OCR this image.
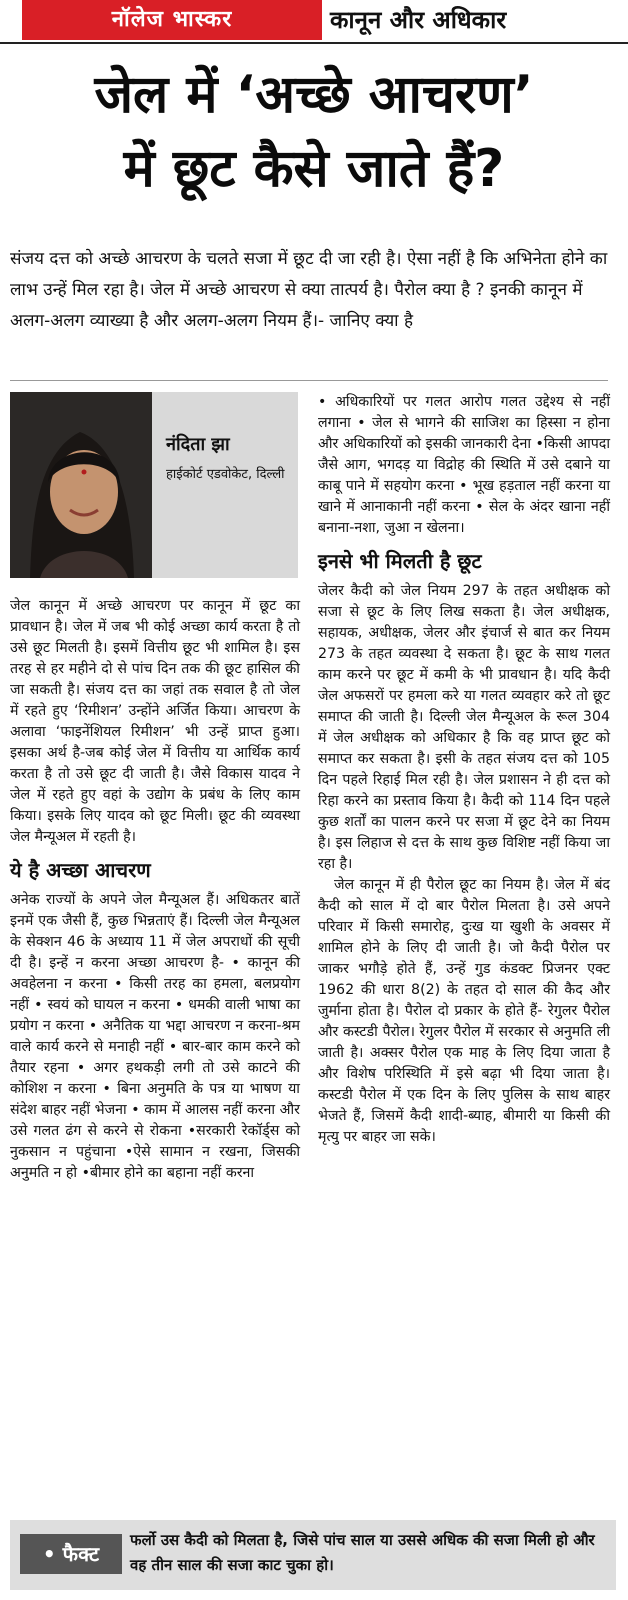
नॉलेज भास्कर	कानून और अधिकार
जेल में ‘अच्छे आचरण’
में छूट कैसे जाते हैं?
संजय दत्त को अच्छे आचरण के चलते सजा में छूट दी जा रही है। ऐसा नहीं है कि अभिनेता होने का लाभ उन्हें मिल रहा है। जेल में अच्छे आचरण से क्या तात्पर्य है। पैरोल क्या है ? इनकी कानून में अलग-अलग व्याख्या है और अलग-अलग नियम हैं।- जानिए क्या है
नंदिता झा
हाईकोर्ट एडवोकेट, दिल्ली

जेल कानून में अच्छे आचरण पर कानून में छूट का प्रावधान है। जेल में जब भी कोई अच्छा कार्य करता है तो उसे छूट मिलती है। इसमें वित्तीय छूट भी शामिल है। इस तरह से हर महीने दो से पांच दिन तक की छूट हासिल की जा सकती है। संजय दत्त का जहां तक सवाल है तो जेल में रहते हुए ‘रिमीशन’ उन्होंने अर्जित किया। आचरण के अलावा ‘फाइनेंशियल रिमीशन’ भी उन्हें प्राप्त हुआ। इसका अर्थ है-जब कोई जेल में वित्तीय या आर्थिक कार्य करता है तो उसे छूट दी जाती है। जैसे विकास यादव ने जेल में रहते हुए वहां के उद्योग के प्रबंध के लिए काम किया। इसके लिए यादव को छूट मिली। छूट की व्यवस्था जेल मैन्यूअल में रहती है।

ये है अच्छा आचरण

अनेक राज्यों के अपने जेल मैन्यूअल हैं। अधिकतर बातें इनमें एक जैसी हैं, कुछ भिन्नताएं हैं। दिल्ली जेल मैन्यूअल के सेक्शन 46 के अध्याय 11 में जेल अपराधों की सूची दी है। इन्हें न करना अच्छा आचरण है- • कानून की अवहेलना न करना • किसी तरह का हमला, बलप्रयोग नहीं • स्वयं को घायल न करना • धमकी वाली भाषा का प्रयोग न करना • अनैतिक या भद्दा आचरण न करना-श्रम वाले कार्य करने से मनाही नहीं • बार-बार काम करने को तैयार रहना • अगर हथकड़ी लगी तो उसे काटने की कोशिश न करना • बिना अनुमति के पत्र या भाषण या संदेश बाहर नहीं भेजना • काम में आलस नहीं करना और उसे गलत ढंग से करने से रोकना •सरकारी रेकॉर्ड्स को नुकसान न पहुंचाना •ऐसे सामान न रखना, जिसकी अनुमति न हो •बीमार होने का बहाना नहीं करना

• अधिकारियों पर गलत आरोप गलत उद्देश्य से नहीं लगाना • जेल से भागने की साजिश का हिस्सा न होना और अधिकारियों को इसकी जानकारी देना •किसी आपदा जैसे आग, भगदड़ या विद्रोह की स्थिति में उसे दबाने या काबू पाने में सहयोग करना • भूख हड़ताल नहीं करना या खाने में आनाकानी नहीं करना • सेल के अंदर खाना नहीं बनाना-नशा, जुआ न खेलना।

इनसे भी मिलती है छूट

जेलर कैदी को जेल नियम 297 के तहत अधीक्षक को सजा से छूट के लिए लिख सकता है। जेल अधीक्षक, सहायक, अधीक्षक, जेलर और इंचार्ज से बात कर नियम 273 के तहत व्यवस्था दे सकता है। छूट के साथ गलत काम करने पर छूट में कमी के भी प्रावधान है। यदि कैदी जेल अफसरों पर हमला करे या गलत व्यवहार करे तो छूट समाप्त की जाती है। दिल्ली जेल मैन्यूअल के रूल 304 में जेल अधीक्षक को अधिकार है कि वह प्राप्त छूट को समाप्त कर सकता है। इसी के तहत संजय दत्त को 105 दिन पहले रिहाई मिल रही है। जेल प्रशासन ने ही दत्त को रिहा करने का प्रस्ताव किया है। कैदी को 114 दिन पहले कुछ शर्तों का पालन करने पर सजा में छूट देने का नियम है। इस लिहाज से दत्त के साथ कुछ विशिष्ट नहीं किया जा रहा है।

जेल कानून में ही पैरोल छूट का नियम है। जेल में बंद कैदी को साल में दो बार पैरोल मिलता है। उसे अपने परिवार में किसी समारोह, दुःख या खुशी के अवसर में शामिल होने के लिए दी जाती है। जो कैदी पैरोल पर जाकर भगौड़े होते हैं, उन्हें गुड कंडक्ट प्रिजनर एक्ट 1962 की धारा 8(2) के तहत दो साल की कैद और जुर्माना होता है। पैरोल दो प्रकार के होते हैं- रेगुलर पैरोल और कस्टडी पैरोल। रेगुलर पैरोल में सरकार से अनुमति ली जाती है। अक्सर पैरोल एक माह के लिए दिया जाता है और विशेष परिस्थिति में इसे बढ़ा भी दिया जाता है। कस्टडी पैरोल में एक दिन के लिए पुलिस के साथ बाहर भेजते हैं, जिसमें कैदी शादी-ब्याह, बीमारी या किसी की मृत्यु पर बाहर जा सके।

• फैक्ट
फर्लो उस कैदी को मिलता है, जिसे पांच साल या उससे अधिक की सजा मिली हो और वह तीन साल की सजा काट चुका हो।
